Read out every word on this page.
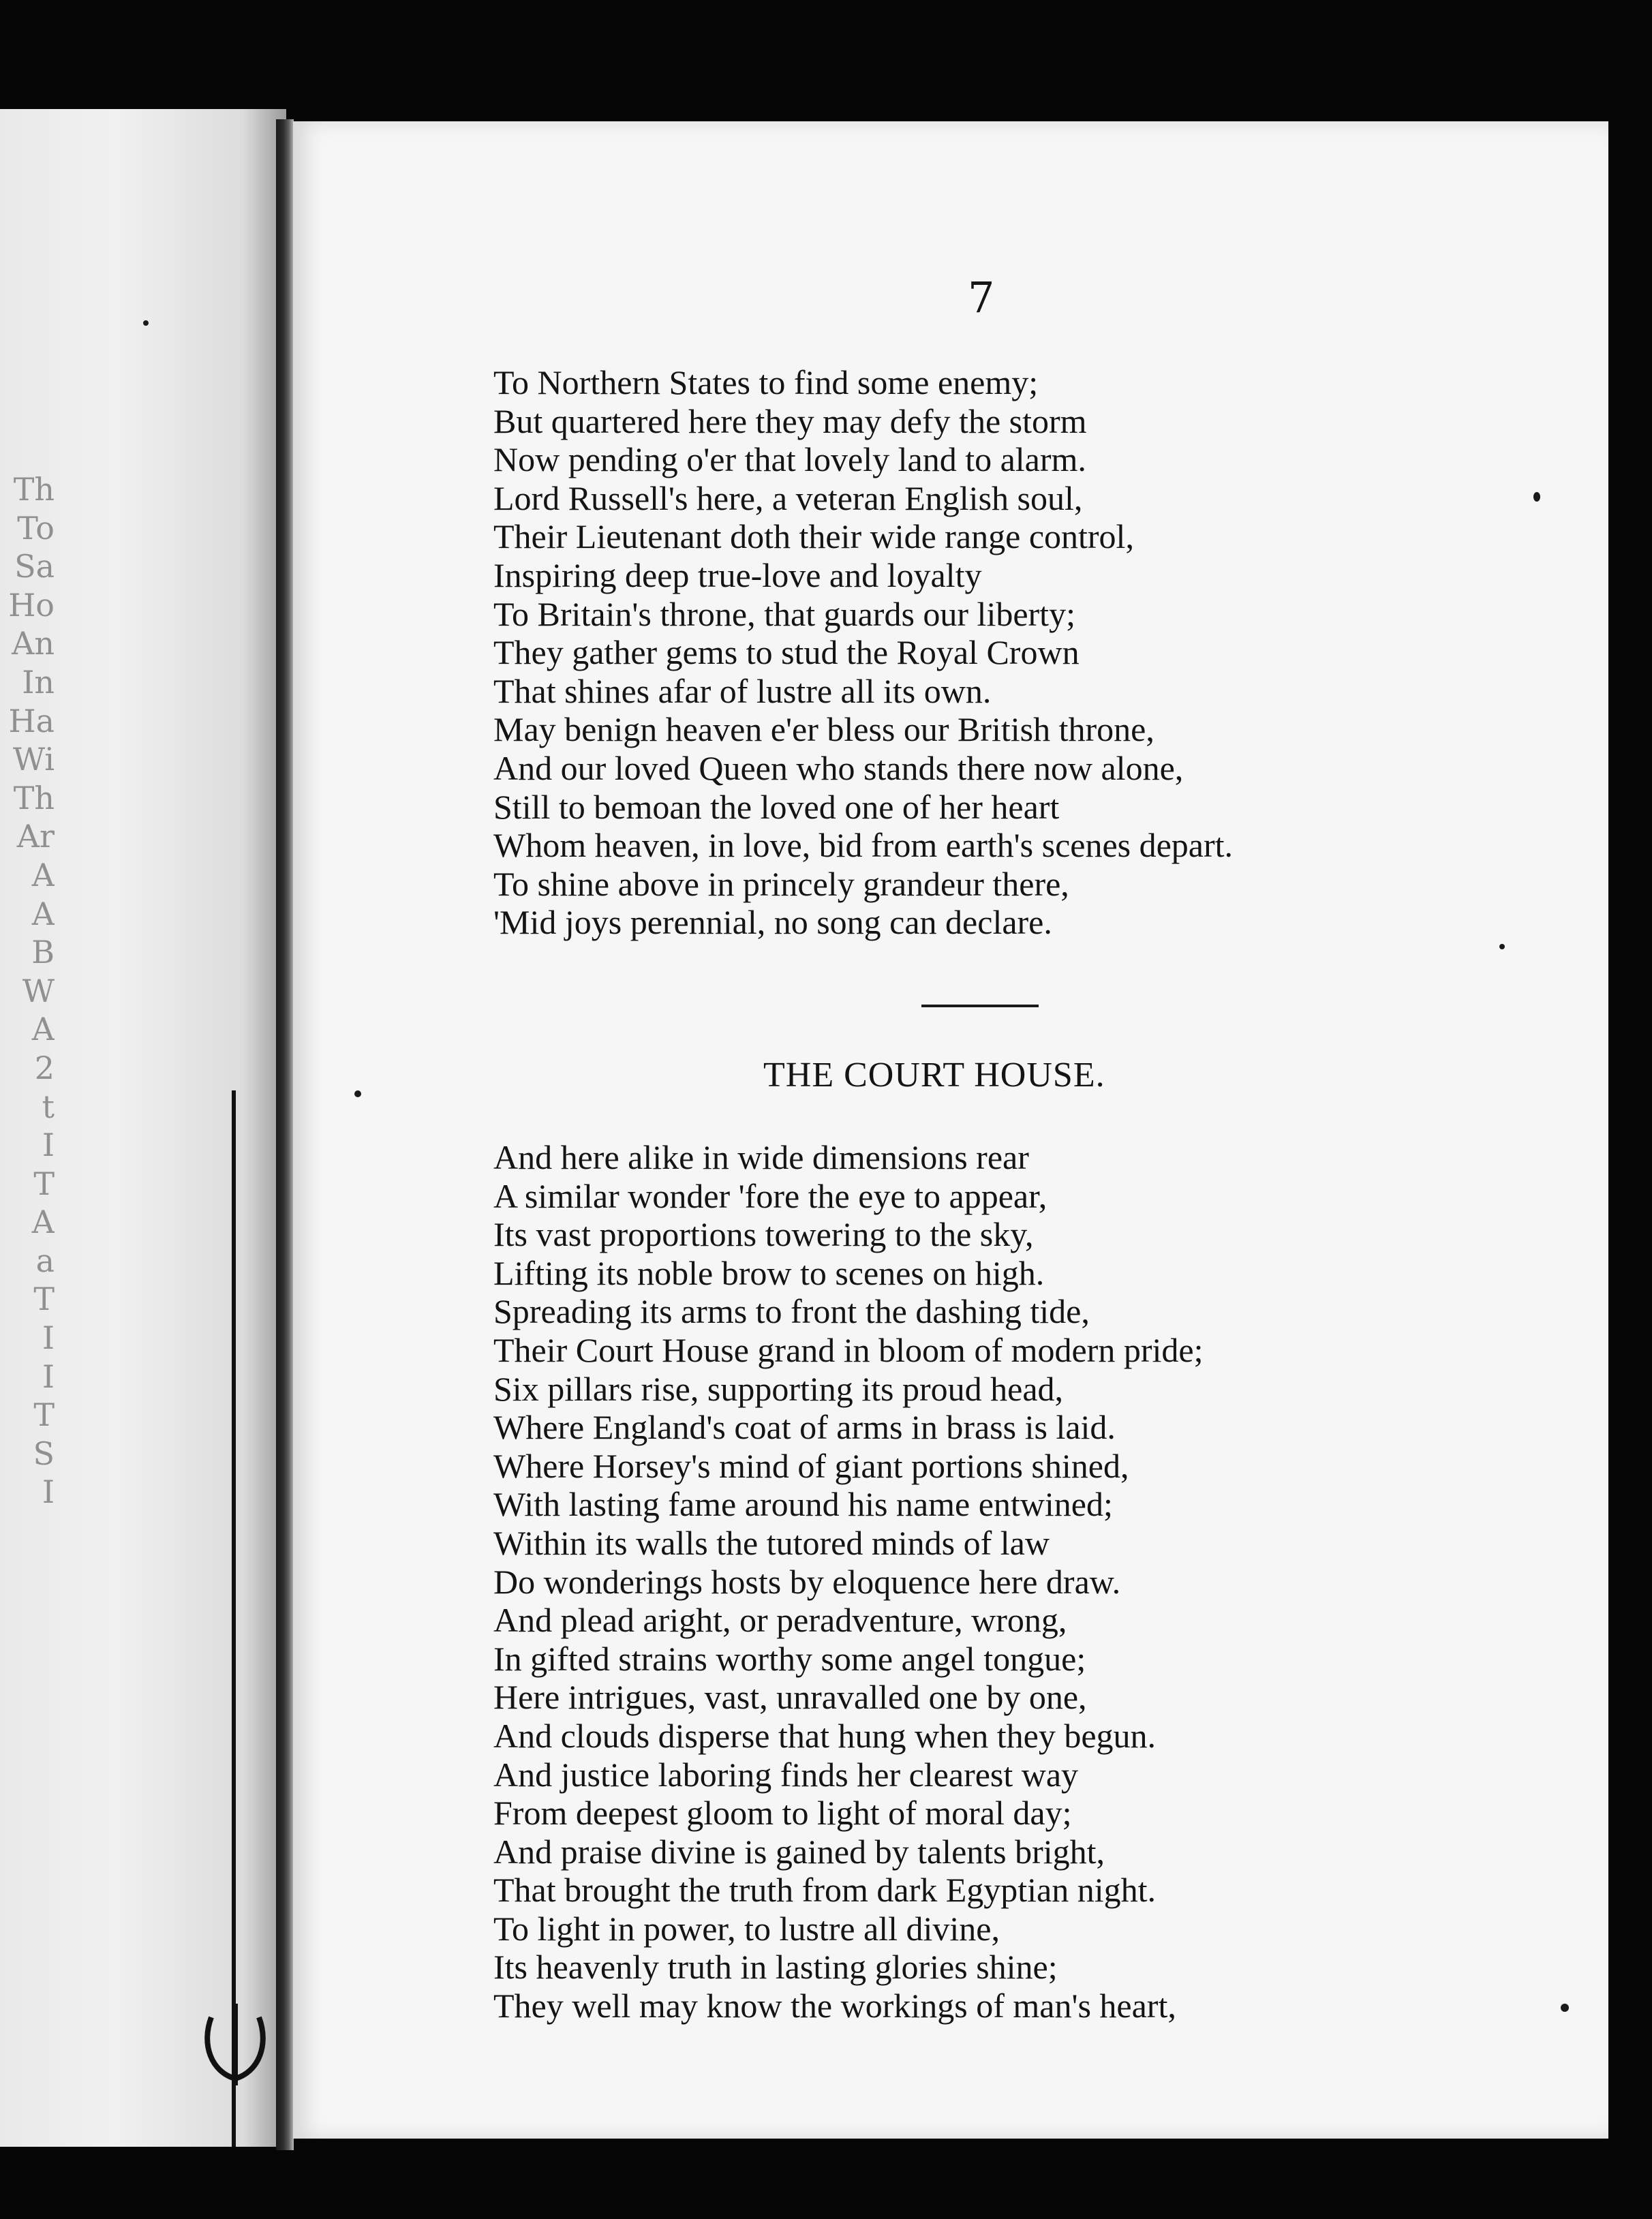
Th
To
Sa
Ho
An
In
Ha
Wi
Th
Ar
A
A
B
W
A
2
t
I
T
A
a
T
I
I
T
S
I
7
To Northern States to find some enemy;
But quartered here they may defy the storm
Now pending o'er that lovely land to alarm.
Lord Russell's here, a veteran English soul,
Their Lieutenant doth their wide range control,
Inspiring deep true-love and loyalty
To Britain's throne, that guards our liberty;
They gather gems to stud the Royal Crown
That shines afar of lustre all its own.
May benign heaven e'er bless our British throne,
And our loved Queen who stands there now alone,
Still to bemoan the loved one of her heart
Whom heaven, in love, bid from earth's scenes depart.
To shine above in princely grandeur there,
'Mid joys perennial, no song can declare.
THE COURT HOUSE.
And here alike in wide dimensions rear
A similar wonder 'fore the eye to appear,
Its vast proportions towering to the sky,
Lifting its noble brow to scenes on high.
Spreading its arms to front the dashing tide,
Their Court House grand in bloom of modern pride;
Six pillars rise, supporting its proud head,
Where England's coat of arms in brass is laid.
Where Horsey's mind of giant portions shined,
With lasting fame around his name entwined;
Within its walls the tutored minds of law
Do wonderings hosts by eloquence here draw.
And plead aright, or peradventure, wrong,
In gifted strains worthy some angel tongue;
Here intrigues, vast, unravalled one by one,
And clouds disperse that hung when they begun.
And justice laboring finds her clearest way
From deepest gloom to light of moral day;
And praise divine is gained by talents bright,
That brought the truth from dark Egyptian night.
To light in power, to lustre all divine,
Its heavenly truth in lasting glories shine;
They well may know the workings of man's heart,
